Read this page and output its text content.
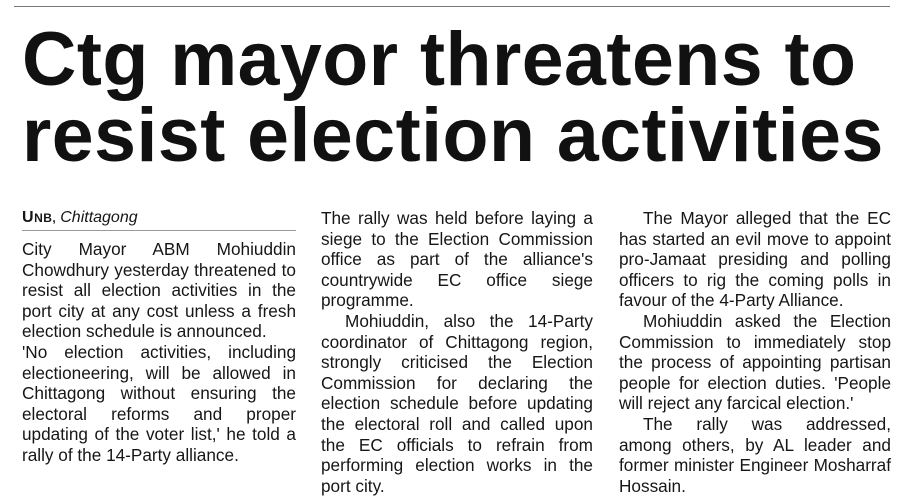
Ctg mayor threatens to
resist election activities
UNB, Chittagong

City Mayor ABM Mohiuddin Chowdhury yesterday threatened to resist all election activities in the port city at any cost unless a fresh election schedule is announced.

'No election activities, including electioneering, will be allowed in Chittagong without ensuring the electoral reforms and proper updating of the voter list,' he told a rally of the 14-Party alliance.

The rally was held before laying a siege to the Election Commission office as part of the alliance's countrywide EC office siege programme.

Mohiuddin, also the 14-Party coordinator of Chittagong region, strongly criticised the Election Commission for declaring the election schedule before updating the electoral roll and called upon the EC officials to refrain from performing election works in the port city.

The Mayor alleged that the EC has started an evil move to appoint pro-Jamaat presiding and polling officers to rig the coming polls in favour of the 4-Party Alliance.

Mohiuddin asked the Election Commission to immediately stop the process of appointing partisan people for election duties. 'People will reject any farcical election.'

The rally was addressed, among others, by AL leader and former minister Engineer Mosharraf Hossain.
